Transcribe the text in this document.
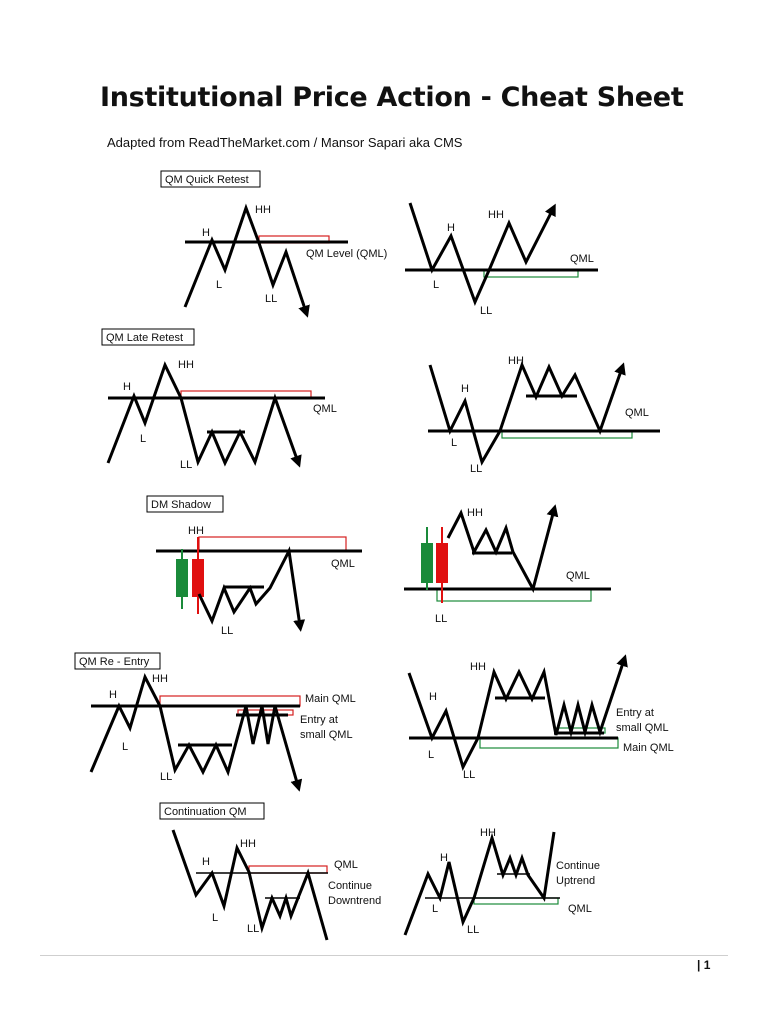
Institutional Price Action - Cheat Sheet
Adapted from ReadTheMarket.com / Mansor Sapari aka CMS
QM Quick Retest
H
HH
L
LL
QM Level (QML)
H
HH
L
LL
QML
QM Late Retest
H
HH
L
LL
QML
H
HH
L
LL
QML
DM Shadow
HH
LL
QML
HH
LL
QML
QM Re - Entry
H
HH
L
LL
Main QML
Entry at
small QML
H
HH
L
LL
Entry at
small QML
Main QML
Continuation QM
H
HH
L
LL
QML
Continue
Downtrend
H
HH
L
LL
Continue
Uptrend
QML
| 1
